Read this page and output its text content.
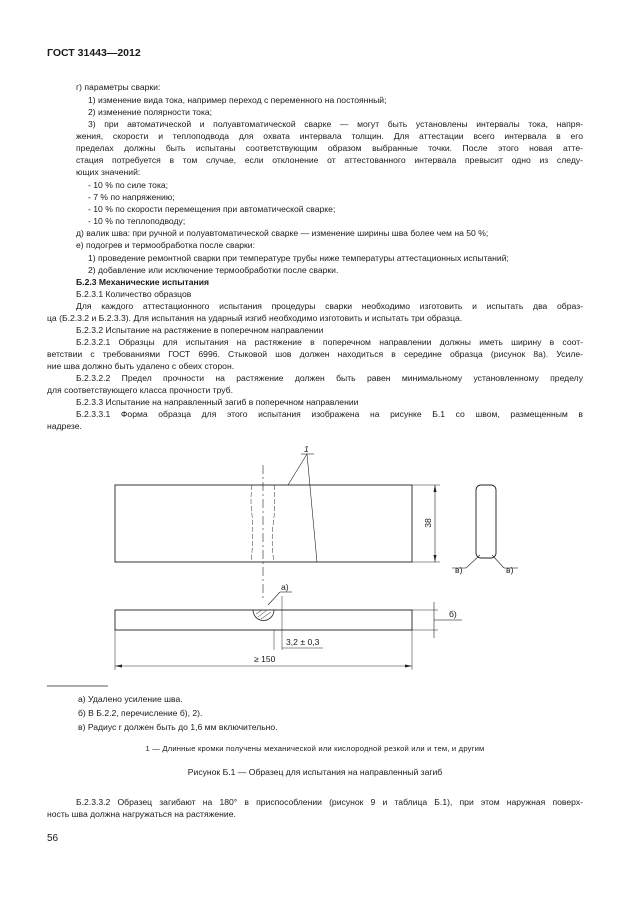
ГОСТ 31443—2012
г) параметры сварки:
1) изменение вида тока, например переход с переменного на постоянный;
2) изменение полярности тока;
3) при автоматической и полуавтоматической сварке — могут быть установлены интервалы тока, напря-
жения, скорости и теплоподвода для охвата интервала толщин. Для аттестации всего интервала в его
пределах должны быть испытаны соответствующим образом выбранные точки. После этого новая атте-
стация потребуется в том случае, если отклонение от аттестованного интервала превысит одно из следу-
ющих значений:
- 10 % по силе тока;
- 7 % по напряжению;
- 10 % по скорости перемещения при автоматической сварке;
- 10 % по теплоподводу;
д) валик шва: при ручной и полуавтоматической сварке — изменение ширины шва более чем на 50 %;
е) подогрев и термообработка после сварки:
1) проведение ремонтной сварки при температуре трубы ниже температуры аттестационных испытаний;
2) добавление или исключение термообработки после сварки.
Б.2.3 Механические испытания
Б.2.3.1 Количество образцов
Для каждого аттестационного испытания процедуры сварки необходимо изготовить и испытать два образ-
ца (Б.2.3.2 и Б.2.3.3). Для испытания на ударный изгиб необходимо изготовить и испытать три образца.
Б.2.3.2 Испытание на растяжение в поперечном направлении
Б.2.3.2.1 Образцы для испытания на растяжение в поперечном направлении должны иметь ширину в соот-
ветствии с требованиями ГОСТ 6996. Стыковой шов должен находиться в середине образца (рисунок 8а). Усиле-
ние шва должно быть удалено с обеих сторон.
Б.2.3.2.2 Предел прочности на растяжение должен быть равен минимальному установленному пределу
для соответствующего класса прочности труб.
Б.2.3.3 Испытание на направленный загиб в поперечном направлении
Б.2.3.3.1 Форма образца для этого испытания изображена на рисунке Б.1 со швом, размещенным в
надрезе.
1
38
в)	в)
а)
б)
3,2 ± 0,3
≥ 150
а) Удалено усиление шва.
б) В Б.2.2, перечисление б), 2).
в) Радиус r должен быть до 1,6 мм включительно.
1 — Длинные кромки получены механической или кислородной резкой или и тем, и другим
Рисунок Б.1 — Образец для испытания на направленный загиб
Б.2.3.3.2 Образец загибают на 180° в приспособлении (рисунок 9 и таблица Б.1), при этом наружная поверх-
ность шва должна нагружаться на растяжение.
56
